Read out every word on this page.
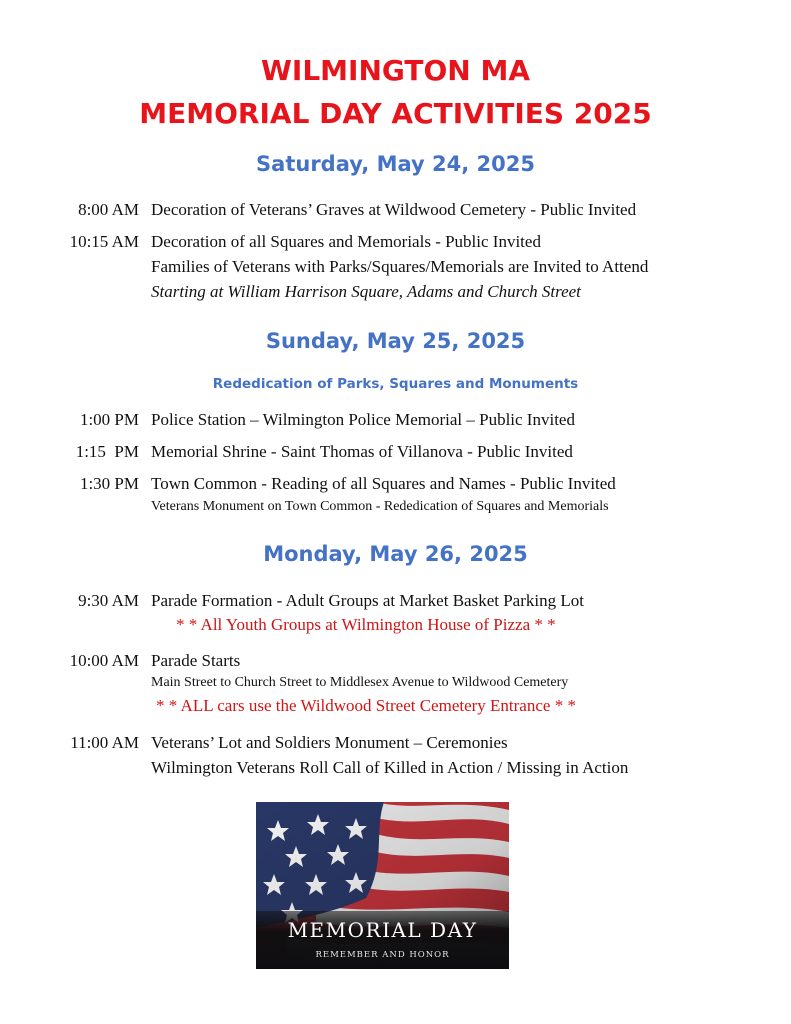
WILMINGTON MA
MEMORIAL DAY ACTIVITIES 2025
Saturday, May 24, 2025
8:00 AM Decoration of Veterans’ Graves at Wildwood Cemetery - Public Invited
10:15 AM Decoration of all Squares and Memorials - Public Invited
Families of Veterans with Parks/Squares/Memorials are Invited to Attend
Starting at William Harrison Square, Adams and Church Street
Sunday, May 25, 2025
Rededication of Parks, Squares and Monuments
1:00 PM Police Station – Wilmington Police Memorial – Public Invited
1:15  PM Memorial Shrine - Saint Thomas of Villanova - Public Invited
1:30 PM Town Common - Reading of all Squares and Names - Public Invited
Veterans Monument on Town Common - Rededication of Squares and Memorials
Monday, May 26, 2025
9:30 AM Parade Formation - Adult Groups at Market Basket Parking Lot
* * All Youth Groups at Wilmington House of Pizza * *
10:00 AM Parade Starts
Main Street to Church Street to Middlesex Avenue to Wildwood Cemetery
* * ALL cars use the Wildwood Street Cemetery Entrance * *
11:00 AM Veterans’ Lot and Soldiers Monument – Ceremonies
Wilmington Veterans Roll Call of Killed in Action / Missing in Action
MEMORIAL DAY
REMEMBER AND HONOR
